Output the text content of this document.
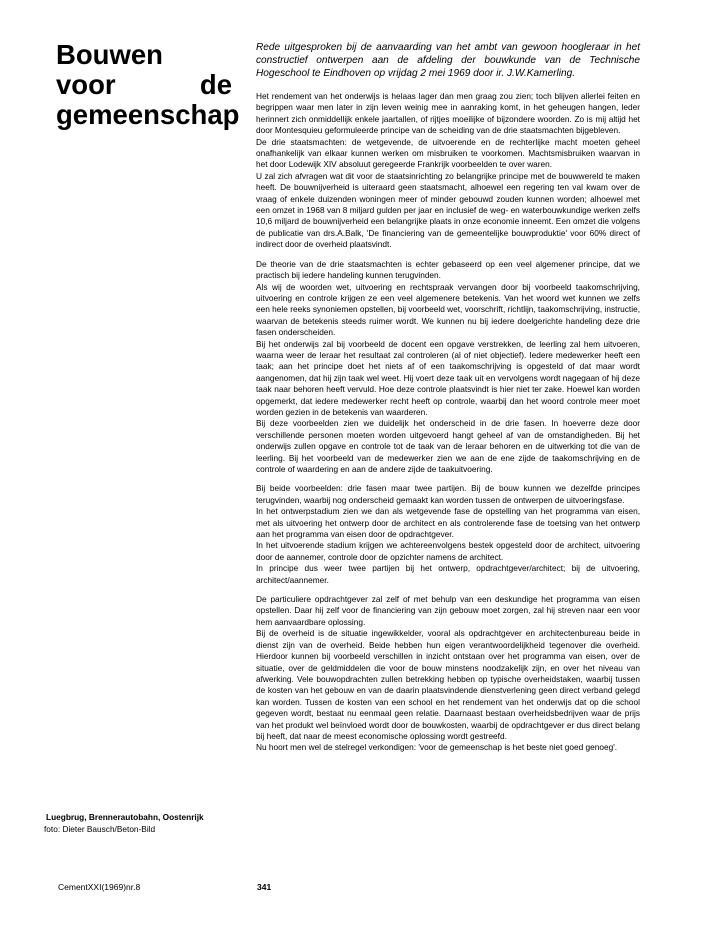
Bouwen
voor de
gemeenschap

Rede uitgesproken bij de aanvaarding van het ambt van gewoon hoogleraar in het constructief ontwerpen aan de afdeling der bouwkunde van de Technische Hogeschool te Eindhoven op vrijdag 2 mei 1969 door ir. J.W.Kamerling.

Het rendement van het onderwijs is helaas lager dan men graag zou zien; toch blijven allerlei feiten en begrippen waar men later in zijn leven weinig mee in aanraking komt, in het geheugen hangen, leder herinnert zich onmiddellijk enkele jaartallen, of rijtjes moeilijke of bijzondere woorden. Zo is mij altijd het door Montesquieu geformuleerde principe van de scheiding van de drie staatsmachten bijgebleven.
De drie staatsmachten: de wetgevende, de uitvoerende en de rechterlijke macht moeten geheel onafhankelijk van elkaar kunnen werken om misbruiken te voorkomen. Machtsmisbruiken waarvan in het door Lodewijk XIV absoluut geregeerde Frankrijk voorbeelden te over waren.
U zal zich afvragen wat dit voor de staatsinrichting zo belangrijke principe met de bouwwereld te maken heeft. De bouwnijverheid is uiteraard geen staatsmacht, alhoewel een regering ten val kwam over de vraag of enkele duizenden woningen meer of minder gebouwd zouden kunnen worden; alhoewel met een omzet in 1968 van 8 miljard gulden per jaar en inclusief de weg- en waterbouwkundige werken zelfs 10,6 miljard de bouwnijverheid een belangrijke plaats in onze economie inneemt. Een omzet die volgens de publicatie van drs.A.Balk, 'De financiering van de gemeentelijke bouwproduktie' voor 60% direct of indirect door de overheid plaatsvindt.
De theorie van de drie staatsmachten is echter gebaseerd op een veel algemener principe, dat we practisch bij iedere handeling kunnen terugvinden.
Als wij de woorden wet, uitvoering en rechtspraak vervangen door bij voorbeeld taakomschrijving, uitvoering en controle krijgen ze een veel algemenere betekenis. Van het woord wet kunnen we zelfs een hele reeks synoniemen opstellen, bij voorbeeld wet, voorschrift, richtlijn, taakomschrijving, instructie, waarvan de betekenis steeds ruimer wordt. We kunnen nu bij iedere doelgerichte handeling deze drie fasen onderscheiden.
Bij het onderwijs zal bij voorbeeld de docent een opgave verstrekken, de leerling zal hem uitvoeren, waarna weer de leraar het resultaat zal controleren (al of niet objectief). Iedere medewerker heeft een taak; aan het principe doet het niets af of een taakomschrijving is opgesteld of dat maar wordt aangenomen, dat hij zijn taak wel weet. Hij voert deze taak uit en vervolgens wordt nagegaan of hij deze taak naar behoren heeft vervuld. Hoe deze controle plaatsvindt is hier niet ter zake. Hoewel kan worden opgemerkt, dat iedere medewerker recht heeft op controle, waarbij dan het woord controle meer moet worden gezien in de betekenis van waarderen.
Bij deze voorbeelden zien we duidelijk het onderscheid in de drie fasen. In hoeverre deze door verschillende personen moeten worden uitgevoerd hangt geheel af van de omstandigheden. Bij het onderwijs zullen opgave en controle tot de taak van de leraar behoren en de uitwerking tot die van de leerling. Bij het voorbeeld van de medewerker zien we aan de ene zijde de taakomschrijving en de controle of waardering en aan de andere zijde de taakuitvoering.
Bij beide voorbeelden: drie fasen maar twee partijen. Bij de bouw kunnen we dezelfde principes terugvinden, waarbij nog onderscheid gemaakt kan worden tussen de ontwerpen de uitvoeringsfase.
In het ontwerpstadium zien we dan als wetgevende fase de opstelling van het programma van eisen, met als uitvoering het ontwerp door de architect en als controlerende fase de toetsing van het ontwerp aan het programma van eisen door de opdrachtgever.
In het uitvoerende stadium krijgen we achtereenvolgens bestek opgesteld door de architect, uitvoering door de aannemer, controle door de opzichter namens de architect.
In principe dus weer twee partijen bij het ontwerp, opdrachtgever/architect; bij de uitvoering, architect/aannemer.
De particuliere opdrachtgever zal zelf of met behulp van een deskundige het programma van eisen opstellen. Daar hij zelf voor de financiering van zijn gebouw moet zorgen, zal hij streven naar een voor hem aanvaardbare oplossing.
Bij de overheid is de situatie ingewikkelder, vooral als opdrachtgever en architectenbureau beide in dienst zijn van de overheid. Beide hebben hun eigen verantwoordelijkheid tegenover die overheid. Hierdoor kunnen bij voorbeeld verschillen in inzicht ontstaan over het programma van eisen, over de situatie, over de geldmiddelen die voor de bouw minstens noodzakelijk zijn, en over het niveau van afwerking. Vele bouwopdrachten zullen betrekking hebben op typische overheidstaken, waarbij tussen de kosten van het gebouw en van de daarin plaatsvindende dienstverlening geen direct verband gelegd kan worden. Tussen de kosten van een school en het rendement van het onderwijs dat op die school gegeven wordt, bestaat nu eenmaal geen relatie. Daarnaast bestaan overheidsbedrijven waar de prijs van het produkt wel beïnvloed wordt door de bouwkosten, waarbij de opdrachtgever er dus direct belang bij heeft, dat naar de meest economische oplossing wordt gestreefd.
Nu hoort men wel de stelregel verkondigen: 'voor de gemeenschap is het beste niet goed genoeg'.
Luegbrug, Brennerautobahn, Oostenrijk
foto: Dieter Bausch/Beton-Bild
CementXXI(1969)nr.8	341
